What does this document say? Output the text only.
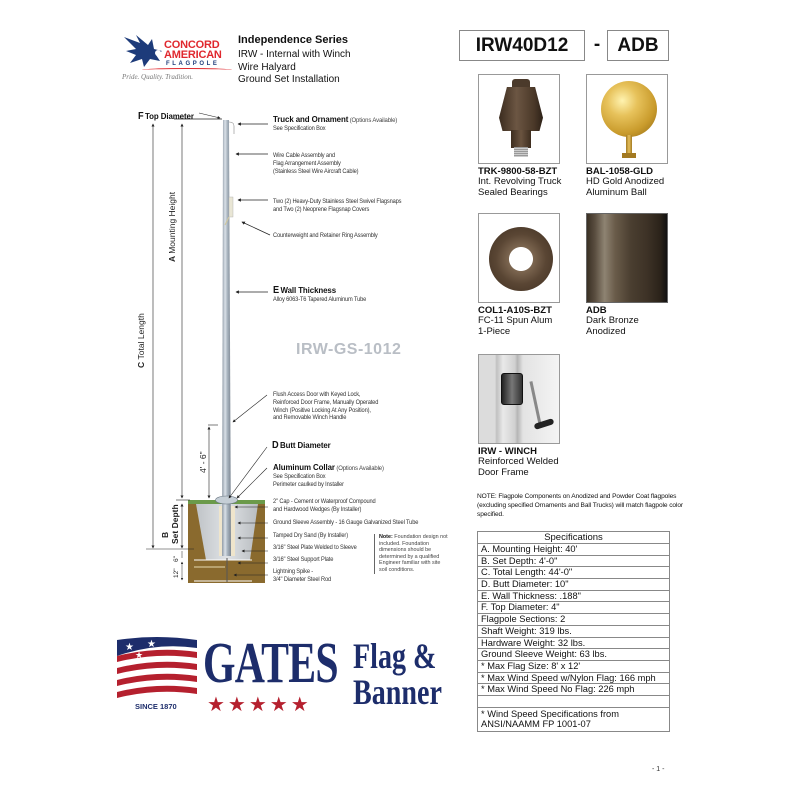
CONCORD
AMERICAN
FLAGPOLE
Pride. Quality. Tradition.
Independence Series
IRW - Internal with Winch
Wire Halyard
Ground Set Installation
IRW40D12	- ADB
TRK-9800-58-BZT
Int. Revolving Truck
Sealed Bearings
BAL-1058-GLD
HD Gold Anodized
Aluminum Ball
COL1-A10S-BZT
FC-11 Spun Alum
1-Piece
ADB
Dark Bronze
Anodized
IRW - WINCH
Reinforced Welded
Door Frame
NOTE: Flagpole Components on Anodized and Powder Coat flagpoles (excluding specified Ornaments and Ball Trucks) will match flagpole color specified.
Specifications
A. Mounting Height: 40'
B. Set Depth: 4'-0"
C. Total Length: 44'-0"
D. Butt Diameter: 10"
E. Wall Thickness: .188"
F. Top Diameter: 4"
Flagpole Sections: 2
Shaft Weight: 319 lbs.
Hardware Weight: 32 lbs.
Ground Sleeve Weight: 63 lbs.
* Max Flag Size: 8' x 12'
* Max Wind Speed w/Nylon Flag: 166 mph
* Max Wind Speed No Flag: 226 mph
* Wind Speed Specifications from
ANSI/NAAMM FP 1001-07
F Top Diameter
C Total Length
A Mounting Height
B Set Depth
4' - 6"
6"
12"
Truck and Ornament (Options Available)
See Specification Box
Wire Cable Assembly and
Flag Arrangement Assembly
(Stainless Steel Wire Aircraft Cable)
Two (2) Heavy-Duty Stainless Steel Swivel Flagsnaps
and Two (2) Neoprene Flagsnap Covers
Counterweight and Retainer Ring Assembly
E Wall Thickness
Alloy 6063-T6 Tapered Aluminum Tube
IRW-GS-1012
Flush Access Door with Keyed Lock,
Reinforced Door Frame, Manually Operated
Winch (Positive Locking At Any Position),
and Removable Winch Handle
D Butt Diameter
Aluminum Collar (Options Available)
See Specification Box
Perimeter caulked by Installer
2" Cap - Cement or Waterproof Compound
and Hardwood Wedges (By Installer)
Ground Sleeve Assembly - 16 Gauge Galvanized Steel Tube
Tamped Dry Sand (By Installer)
3/16" Steel Plate Welded to Sleeve
3/16" Steel Support Plate
Lightning Spike -
3/4" Diameter Steel Rod
Note: Foundation design not included. Foundation dimensions should be determined by a qualified Engineer familiar with site soil conditions.
★ ★
★
SINCE 1870
GATES
★★★★★
Flag &
Banner
- 1 -
